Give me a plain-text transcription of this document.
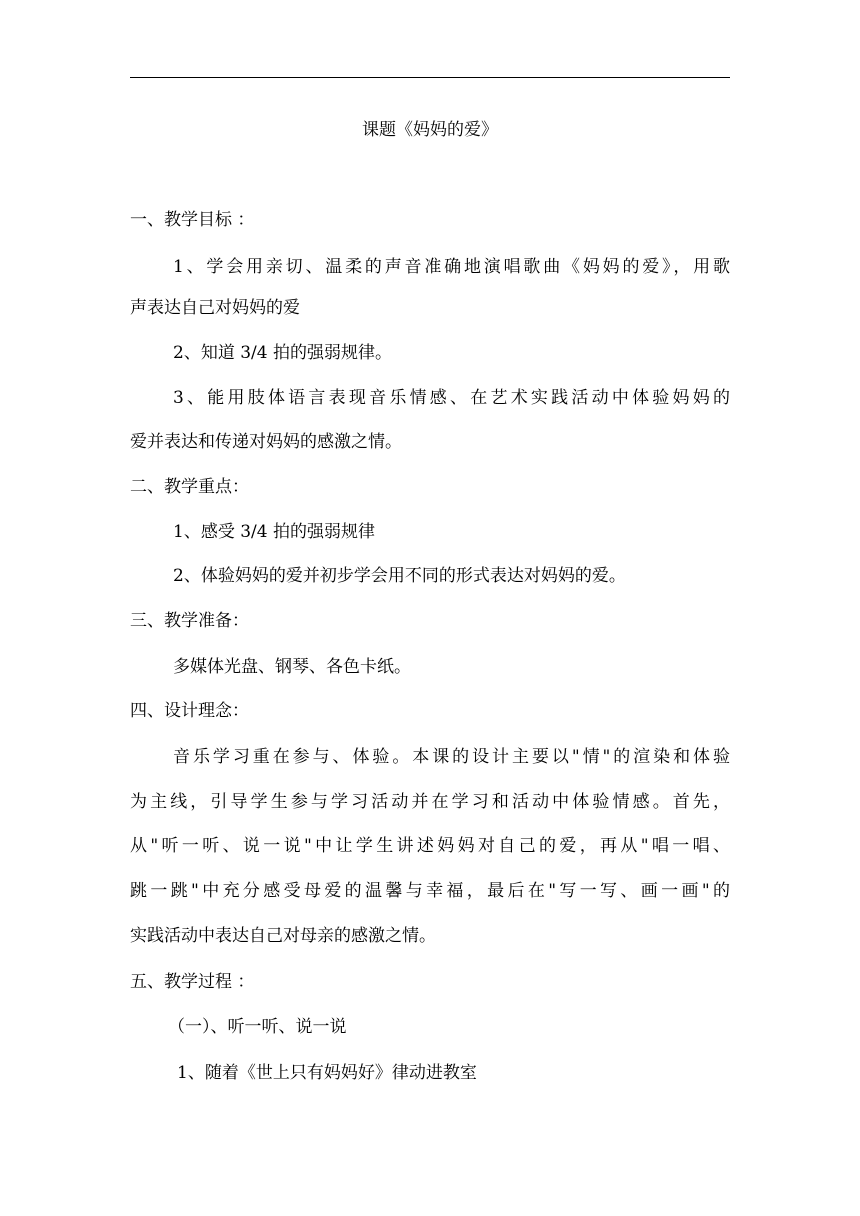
课题《妈妈的爱》
一、教学目标 ：
1、学会用亲切、温柔的声音准确地演唱歌曲《妈妈的爱》，用歌
声表达自己对妈妈的爱
2、知道 3/4 拍的强弱规律。
3、能用肢体语言表现音乐情感、在艺术实践活动中体验妈妈的
爱并表达和传递对妈妈的感激之情。
二、教学重点：
1、感受 3/4 拍的强弱规律
2、体验妈妈的爱并初步学会用不同的形式表达对妈妈的爱。
三、教学准备：
多媒体光盘、钢琴、各色卡纸。
四、设计理念：
音乐学习重在参与、体验。本课的设计主要以"情"的渲染和体验
为主线，引导学生参与学习活动并在学习和活动中体验情感。首先，
从"听一听、说一说"中让学生讲述妈妈对自己的爱，再从"唱一唱、
跳一跳"中充分感受母爱的温馨与幸福，最后在"写一写、画一画"的
实践活动中表达自己对母亲的感激之情。
五、教学过程 ：
（一）、听一听、说一说
1、随着《世上只有妈妈好》律动进教室
